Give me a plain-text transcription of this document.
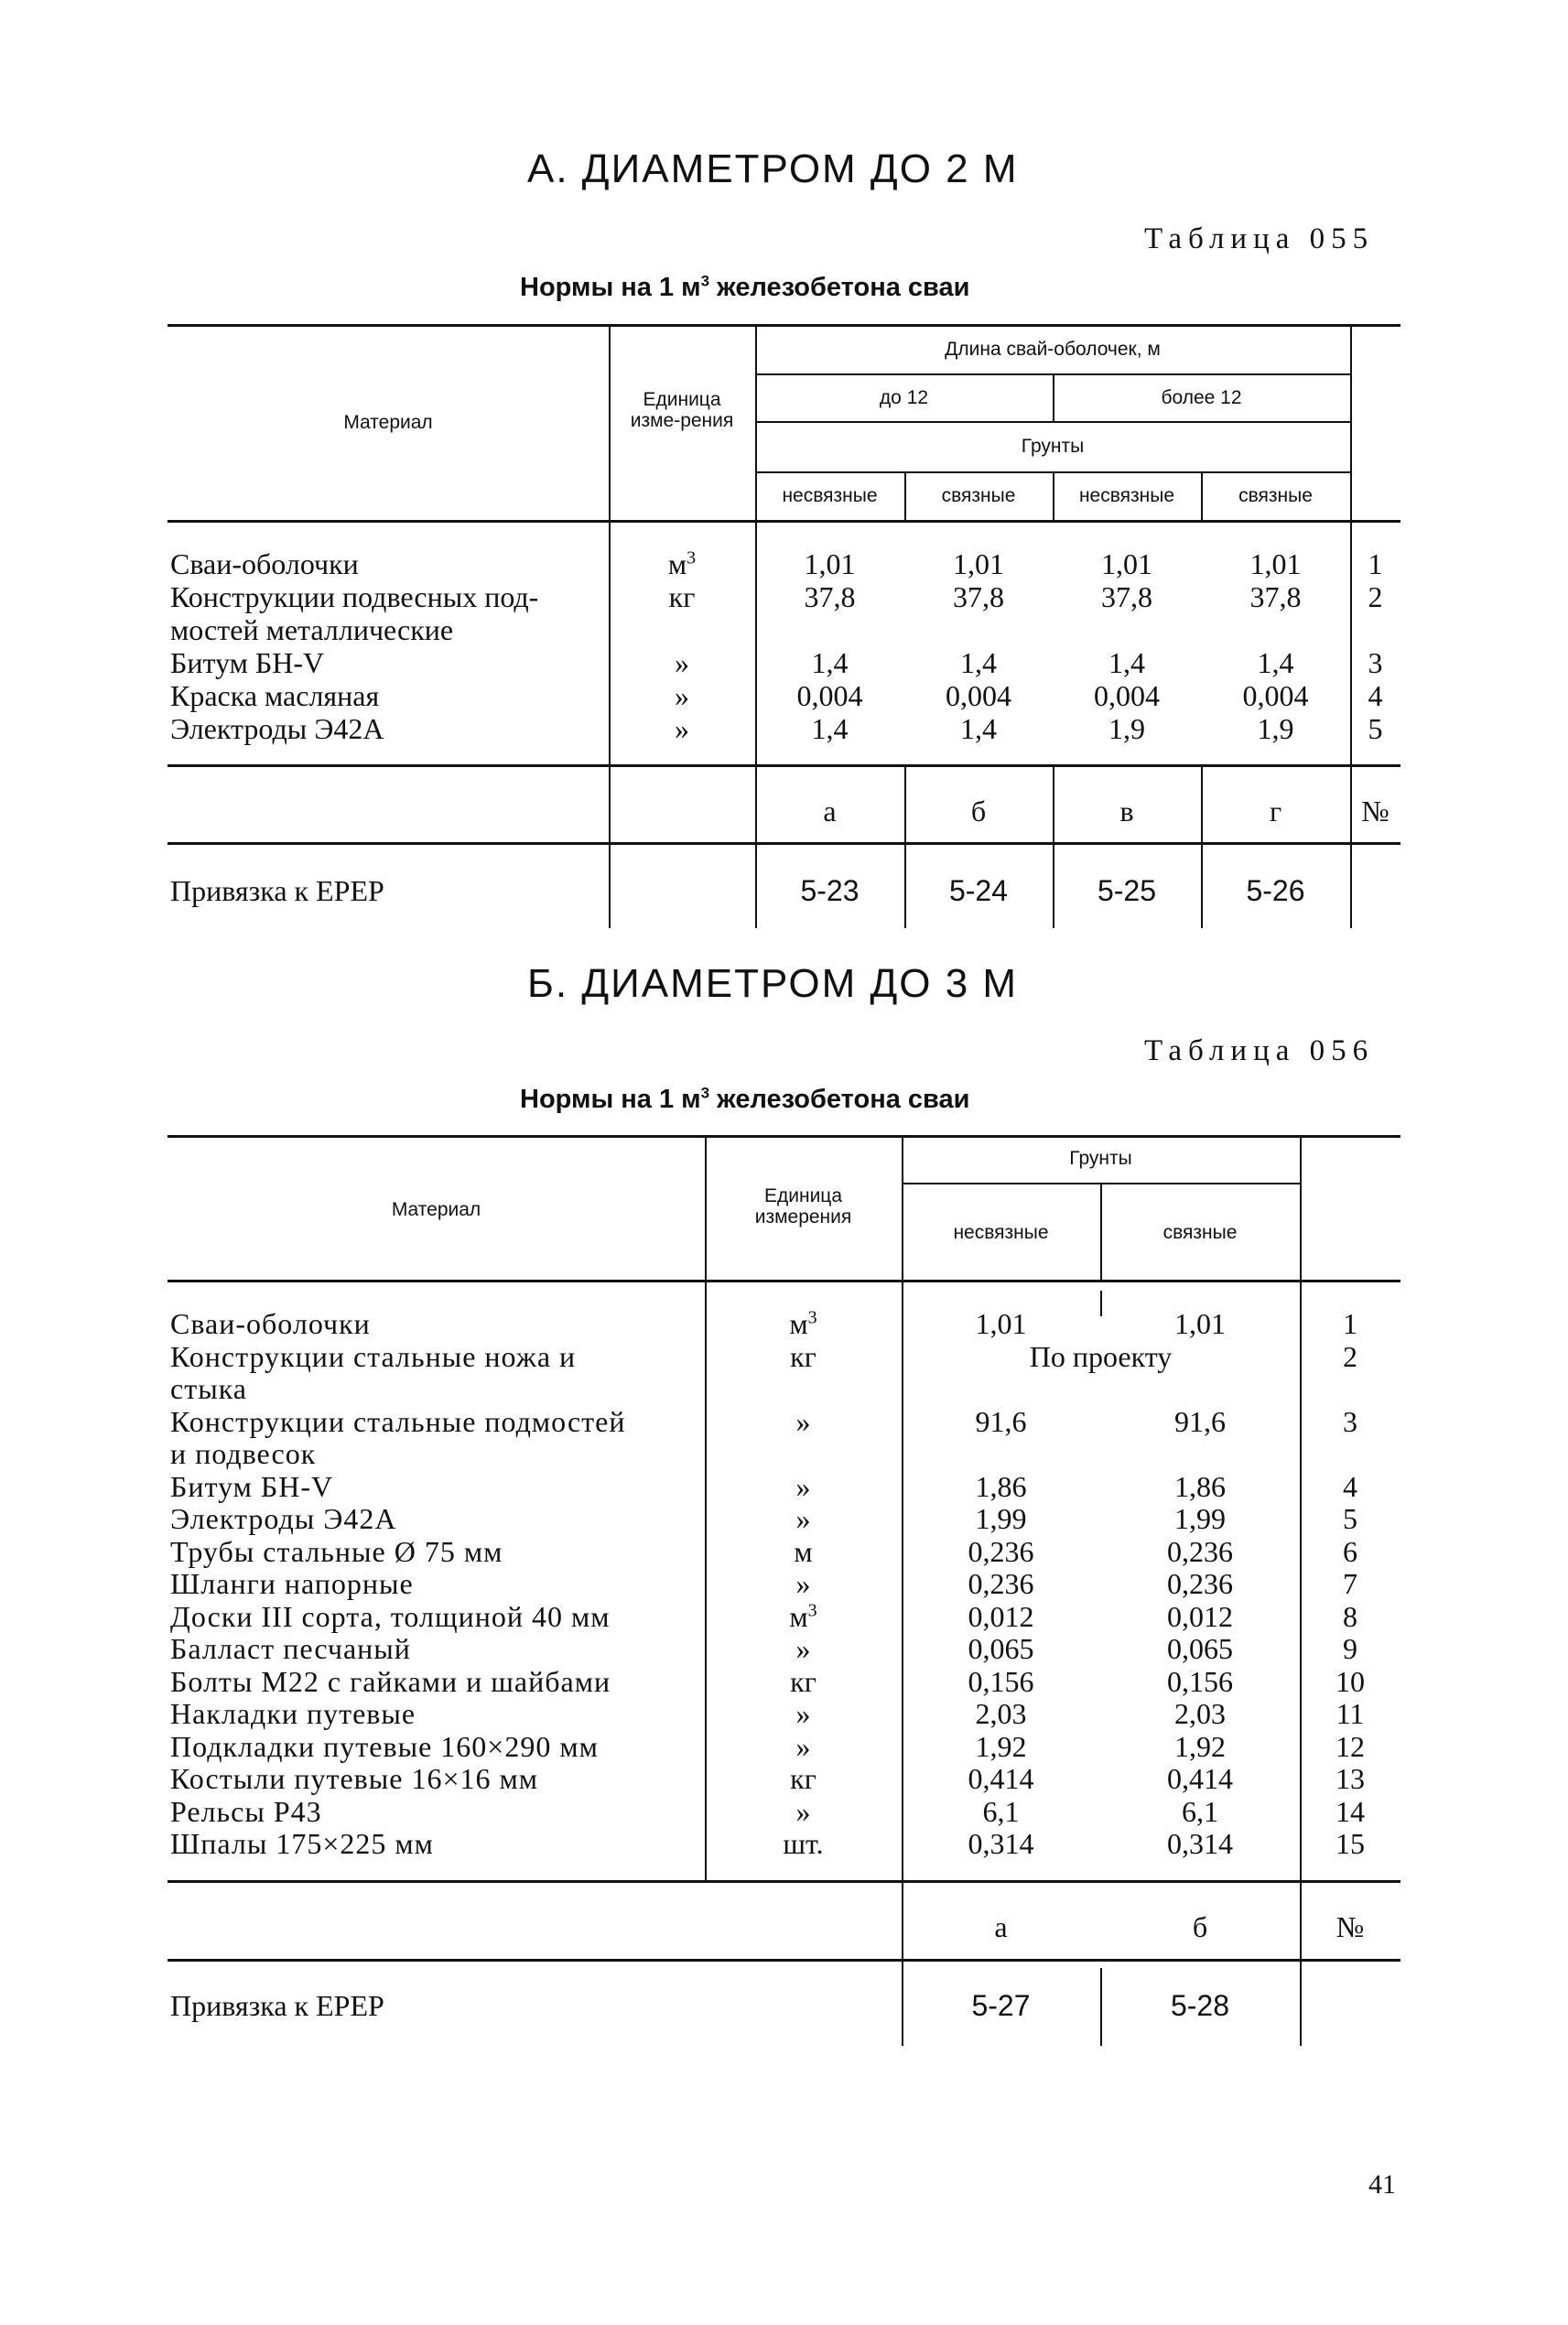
А. ДИАМЕТРОМ ДО 2 М
Таблица 055
Нормы на 1 $м^3$ железобетона сваи
Материал
Единица изме-рения
Длина свай-оболочек, м
до 12	более 12
Грунты
несвязные	связные	несвязные	связные
Сваи-оболочки	$м^3$	1,01	1,01	1,01	1,01	1
Конструкции подвесных под-	кг	37,8	37,8	37,8	37,8	2
мостей металлические
Битум БН-V	»	1,4	1,4	1,4	1,4	3
Краска масляная	»	0,004	0,004	0,004	0,004	4
Электроды Э42А	»	1,4	1,4	1,9	1,9	5
а	б	в	г	№
Привязка к ЕРЕР	5-23	5-24	5-25	5-26
Б. ДИАМЕТРОМ ДО 3 М
Таблица 056
Нормы на 1 $м^3$ железобетона сваи
Материал
Единица измерения
Грунты
несвязные	связные
Сваи-оболочки	$м^3$	1,01	1,01	1
Конструкции стальные ножа и	кг	По проекту	2
стыка
Конструкции стальные подмостей	»	91,6	91,6	3
и подвесок
Битум БН-V	»	1,86	1,86	4
Электроды Э42А	»	1,99	1,99	5
Трубы стальные Ø 75 мм	м	0,236	0,236	6
Шланги напорные	»	0,236	0,236	7
Доски III сорта, толщиной 40 мм	$м^3$	0,012	0,012	8
Балласт песчаный	»	0,065	0,065	9
Болты М22 с гайками и шайбами	кг	0,156	0,156	10
Накладки путевые	»	2,03	2,03	11
Подкладки путевые 160×290 мм	»	1,92	1,92	12
Костыли путевые 16×16 мм	кг	0,414	0,414	13
Рельсы Р43	»	6,1	6,1	14
Шпалы 175×225 мм	шт.	0,314	0,314	15
а	б	№
Привязка к ЕРЕР	5-27	5-28
41
